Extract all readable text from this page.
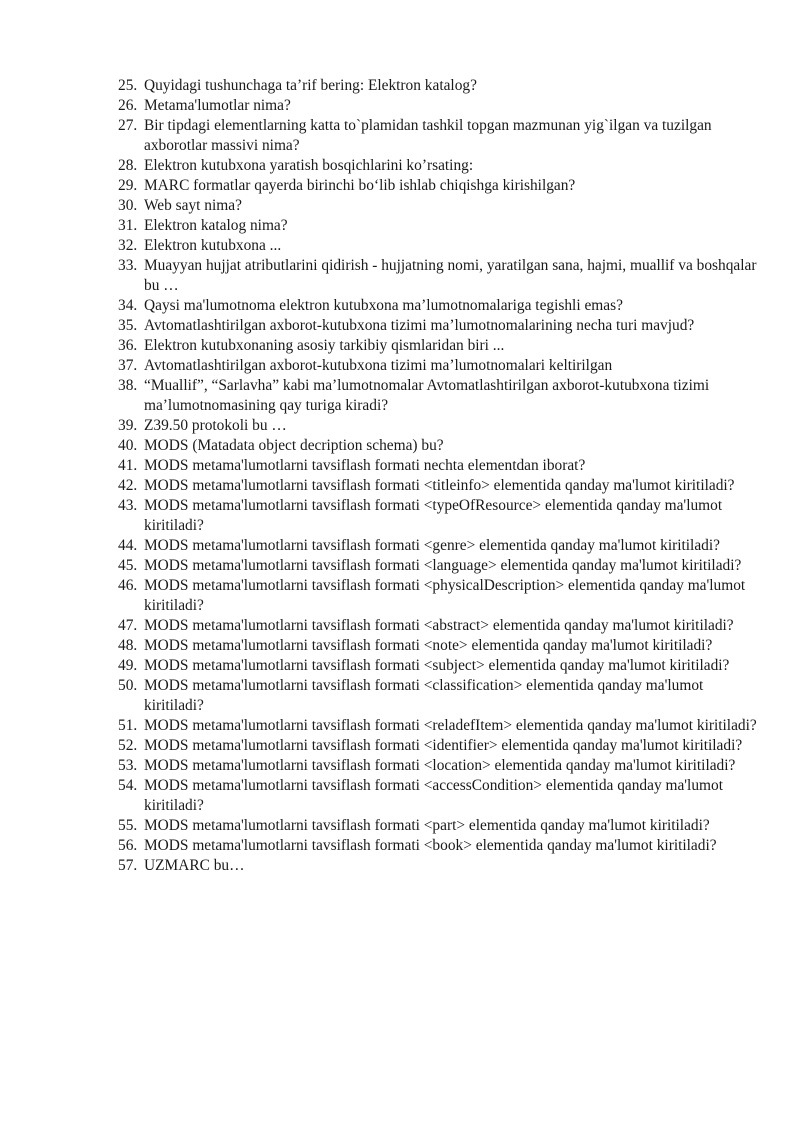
25. Quyidagi tushunchaga ta’rif bering: Elektron katalog?
26. Metama'lumotlar nima?
27. Bir tipdagi elementlarning katta to`plamidan tashkil topgan mazmunan yig`ilgan va tuzilgan axborotlar massivi nima?
28. Elektron kutubxona yaratish bosqichlarini ko’rsating:
29. MARC formatlar qayerda birinchi bo‘lib ishlab chiqishga kirishilgan?
30. Web sayt nima?
31. Elektron katalog nima?
32. Elektron kutubxona ...
33. Muayyan hujjat atributlarini qidirish - hujjatning nomi, yaratilgan sana, hajmi, muallif va boshqalar bu …
34. Qaysi ma'lumotnoma elektron kutubxona ma’lumotnomalariga tegishli emas?
35. Avtomatlashtirilgan axborot-kutubxona tizimi ma’lumotnomalarining necha turi mavjud?
36. Elektron kutubxonaning asosiy tarkibiy qismlaridan biri ...
37. Avtomatlashtirilgan axborot-kutubxona tizimi ma’lumotnomalari keltirilgan
38. “Muallif”, “Sarlavha” kabi ma’lumotnomalar Avtomatlashtirilgan axborot-kutubxona tizimi ma’lumotnomasining qay turiga kiradi?
39. Z39.50 protokoli bu …
40. MODS (Matadata object decription schema) bu?
41. MODS metama'lumotlarni tavsiflash formati nechta elementdan iborat?
42. MODS metama'lumotlarni tavsiflash formati <titleinfo> elementida qanday ma'lumot kiritiladi?
43. MODS metama'lumotlarni tavsiflash formati <typeOfResource> elementida qanday ma'lumot kiritiladi?
44. MODS metama'lumotlarni tavsiflash formati <genre> elementida qanday ma'lumot kiritiladi?
45. MODS metama'lumotlarni tavsiflash formati <language> elementida qanday ma'lumot kiritiladi?
46. MODS metama'lumotlarni tavsiflash formati <physicalDescription> elementida qanday ma'lumot kiritiladi?
47. MODS metama'lumotlarni tavsiflash formati <abstract> elementida qanday ma'lumot kiritiladi?
48. MODS metama'lumotlarni tavsiflash formati <note> elementida qanday ma'lumot kiritiladi?
49. MODS metama'lumotlarni tavsiflash formati <subject> elementida qanday ma'lumot kiritiladi?
50. MODS metama'lumotlarni tavsiflash formati <classification> elementida qanday ma'lumot kiritiladi?
51. MODS metama'lumotlarni tavsiflash formati <reladefItem> elementida qanday ma'lumot kiritiladi?
52. MODS metama'lumotlarni tavsiflash formati <identifier> elementida qanday ma'lumot kiritiladi?
53. MODS metama'lumotlarni tavsiflash formati <location> elementida qanday ma'lumot kiritiladi?
54. MODS metama'lumotlarni tavsiflash formati <accessCondition> elementida qanday ma'lumot kiritiladi?
55. MODS metama'lumotlarni tavsiflash formati <part> elementida qanday ma'lumot kiritiladi?
56. MODS metama'lumotlarni tavsiflash formati <book> elementida qanday ma'lumot kiritiladi?
57. UZMARC bu…
